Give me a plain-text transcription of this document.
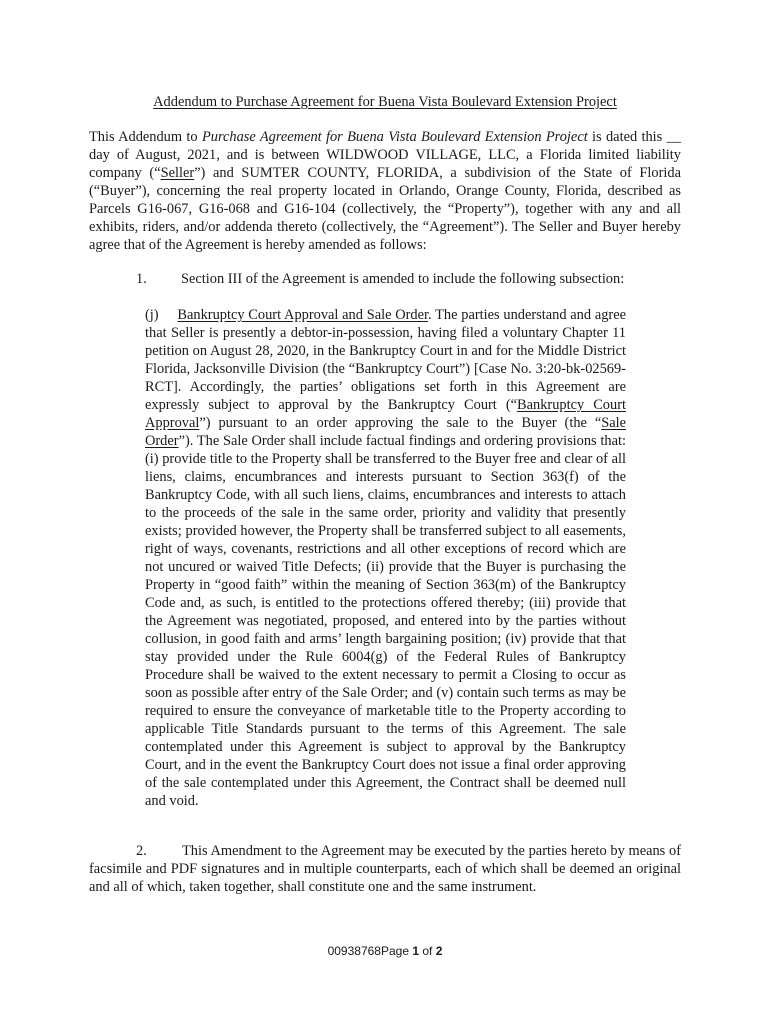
Addendum to Purchase Agreement for Buena Vista Boulevard Extension Project

This Addendum to Purchase Agreement for Buena Vista Boulevard Extension Project is dated this __ day of August, 2021, and is between WILDWOOD VILLAGE, LLC, a Florida limited liability company (“Seller”) and SUMTER COUNTY, FLORIDA, a subdivision of the State of Florida (“Buyer”), concerning the real property located in Orlando, Orange County, Florida, described as Parcels G16-067, G16-068 and G16-104 (collectively, the “Property”), together with any and all exhibits, riders, and/or addenda thereto (collectively, the “Agreement”). The Seller and Buyer hereby agree that of the Agreement is hereby amended as follows:

1. Section III of the Agreement is amended to include the following subsection:

(j) Bankruptcy Court Approval and Sale Order. The parties understand and agree that Seller is presently a debtor-in-possession, having filed a voluntary Chapter 11 petition on August 28, 2020, in the Bankruptcy Court in and for the Middle District Florida, Jacksonville Division (the “Bankruptcy Court”) [Case No. 3:20-bk-02569-RCT]. Accordingly, the parties’ obligations set forth in this Agreement are expressly subject to approval by the Bankruptcy Court (“Bankruptcy Court Approval”) pursuant to an order approving the sale to the Buyer (the “Sale Order”). The Sale Order shall include factual findings and ordering provisions that:(i) provide title to the Property shall be transferred to the Buyer free and clear of all liens, claims, encumbrances and interests pursuant to Section 363(f) of the Bankruptcy Code, with all such liens, claims, encumbrances and interests to attach to the proceeds of the sale in the same order, priority and validity that presently exists; provided however, the Property shall be transferred subject to all easements, right of ways, covenants, restrictions and all other exceptions of record which are not uncured or waived Title Defects; (ii) provide that the Buyer is purchasing the Property in “good faith” within the meaning of Section 363(m) of the Bankruptcy Code and, as such, is entitled to the protections offered thereby; (iii) provide that the Agreement was negotiated, proposed, and entered into by the parties without collusion, in good faith and arms’ length bargaining position; (iv) provide that that stay provided under the Rule 6004(g) of the Federal Rules of Bankruptcy Procedure shall be waived to the extent necessary to permit a Closing to occur as soon as possible after entry of the Sale Order; and (v) contain such terms as may be required to ensure the conveyance of marketable title to the Property according to applicable Title Standards pursuant to the terms of this Agreement. The sale contemplated under this Agreement is subject to approval by the Bankruptcy Court, and in the event the Bankruptcy Court does not issue a final order approving of the sale contemplated under this Agreement, the Contract shall be deemed null and void.

2. This Amendment to the Agreement may be executed by the parties hereto by means of facsimile and PDF signatures and in multiple counterparts, each of which shall be deemed an original and all of which, taken together, shall constitute one and the same instrument.

00938768Page 1 of 2
